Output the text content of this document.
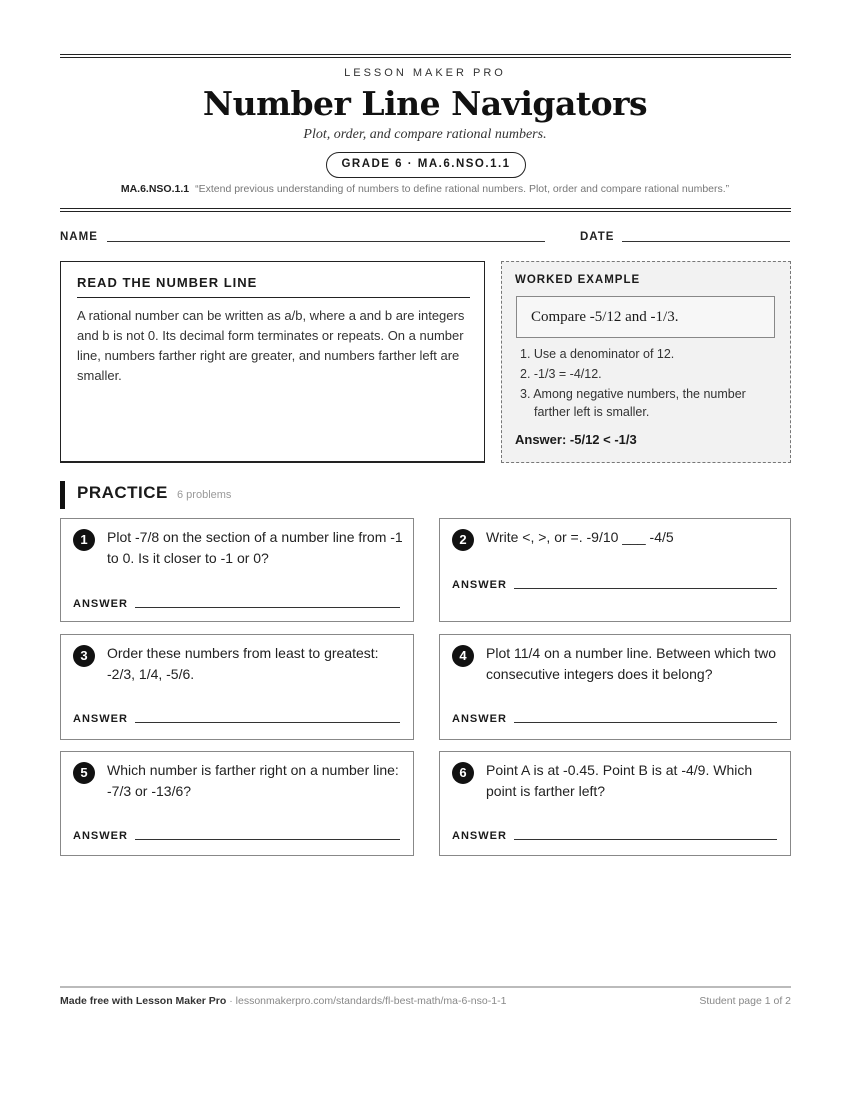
LESSON MAKER PRO
Number Line Navigators
Plot, order, and compare rational numbers.
GRADE 6 · MA.6.NSO.1.1
MA.6.NSO.1.1 “Extend previous understanding of numbers to define rational numbers. Plot, order and compare rational numbers.”
NAME	DATE
READ THE NUMBER LINE
A rational number can be written as a/b, where a and b are integers and b is not 0. Its decimal form terminates or repeats. On a number line, numbers farther right are greater, and numbers farther left are smaller.
WORKED EXAMPLE
Compare -5/12 and -1/3.
1. Use a denominator of 12.
2. -1/3 = -4/12.
3. Among negative numbers, the number farther left is smaller.
Answer: -5/12 < -1/3
PRACTICE 6 problems
1	Plot -7/8 on the section of a number line from -1 to 0. Is it closer to -1 or 0?
ANSWER
2	Write <, >, or =. -9/10 ___ -4/5
ANSWER
3	Order these numbers from least to greatest: -2/3, 1/4, -5/6.
ANSWER
4	Plot 11/4 on a number line. Between which two consecutive integers does it belong?
ANSWER
5	Which number is farther right on a number line: -7/3 or -13/6?
ANSWER
6	Point A is at -0.45. Point B is at -4/9. Which point is farther left?
ANSWER
Made free with Lesson Maker Pro · lessonmakerpro.com/standards/fl-best-math/ma-6-nso-1-1	Student page 1 of 2
